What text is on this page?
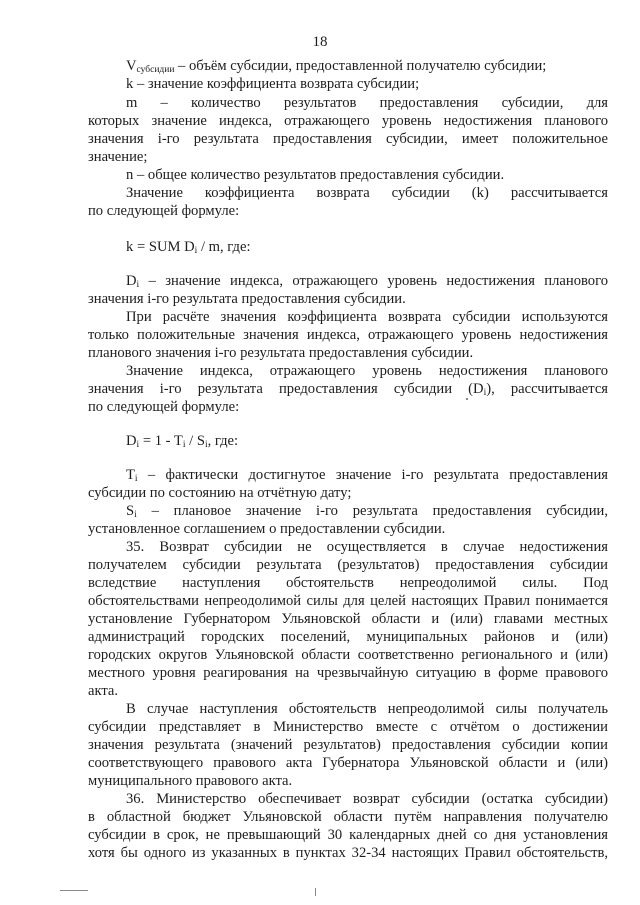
18
$V_{субсидии}$ – объём субсидии, предоставленной получателю субсидии;
k – значение коэффициента возврата субсидии;
m – количество результатов предоставления субсидии, для
которых значение индекса, отражающего уровень недостижения планового
значения i-го результата предоставления субсидии, имеет положительное
значение;
n – общее количество результатов предоставления субсидии.
Значение коэффициента возврата субсидии (k) рассчитывается
по следующей формуле:
k = SUM $D_i$ / m, где:
$D_i$ – значение индекса, отражающего уровень недостижения планового
значения i-го результата предоставления субсидии.
При расчёте значения коэффициента возврата субсидии используются
только положительные значения индекса, отражающего уровень недостижения
планового значения i-го результата предоставления субсидии.
Значение индекса, отражающего уровень недостижения планового
значения i-го результата предоставления субсидии $(D_i)$, рассчитывается
по следующей формуле:
$D_i = 1 - T_i / S_i$, где:
$T_i$ – фактически достигнутое значение i-го результата предоставления
субсидии по состоянию на отчётную дату;
$S_i$ – плановое значение i-го результата предоставления субсидии,
установленное соглашением о предоставлении субсидии.
35. Возврат субсидии не осуществляется в случае недостижения
получателем субсидии результата (результатов) предоставления субсидии
вследствие наступления обстоятельств непреодолимой силы. Под
обстоятельствами непреодолимой силы для целей настоящих Правил понимается
установление Губернатором Ульяновской области и (или) главами местных
администраций городских поселений, муниципальных районов и (или)
городских округов Ульяновской области соответственно регионального и (или)
местного уровня реагирования на чрезвычайную ситуацию в форме правового
акта.
В случае наступления обстоятельств непреодолимой силы получатель
субсидии представляет в Министерство вместе с отчётом о достижении
значения результата (значений результатов) предоставления субсидии копии
соответствующего правового акта Губернатора Ульяновской области и (или)
муниципального правового акта.
36. Министерство обеспечивает возврат субсидии (остатка субсидии)
в областной бюджет Ульяновской области путём направления получателю
субсидии в срок, не превышающий 30 календарных дней со дня установления
хотя бы одного из указанных в пунктах 32-34 настоящих Правил обстоятельств,
